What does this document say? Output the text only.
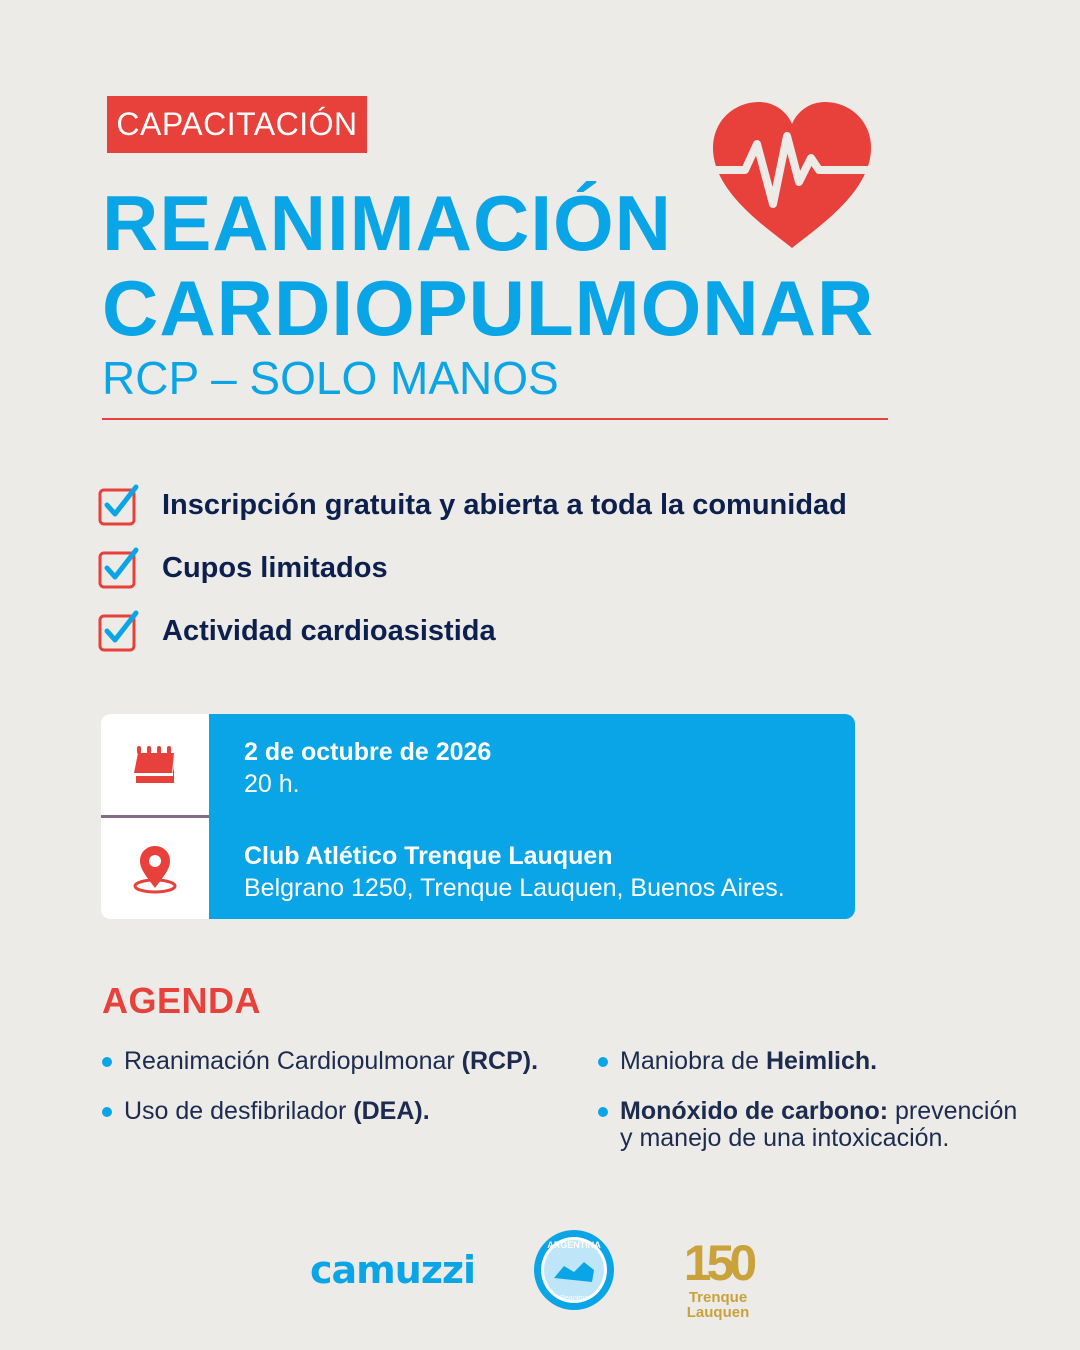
CAPACITACIÓN
REANIMACIÓN
CARDIOPULMONAR
RCP – SOLO MANOS
Inscripción gratuita y abierta a toda la comunidad
Cupos limitados
Actividad cardioasistida
2 de octubre de 2026
20 h.
Club Atlético Trenque Lauquen
Belgrano 1250, Trenque Lauquen, Buenos Aires.
AGENDA
Reanimación Cardiopulmonar (RCP).
Uso de desfibrilador (DEA).
Maniobra de Heimlich.
Monóxido de carbono: prevención y manejo de una intoxicación.
camuzzi
ARGENTINA
Reanima
150
Trenque
Lauquen
